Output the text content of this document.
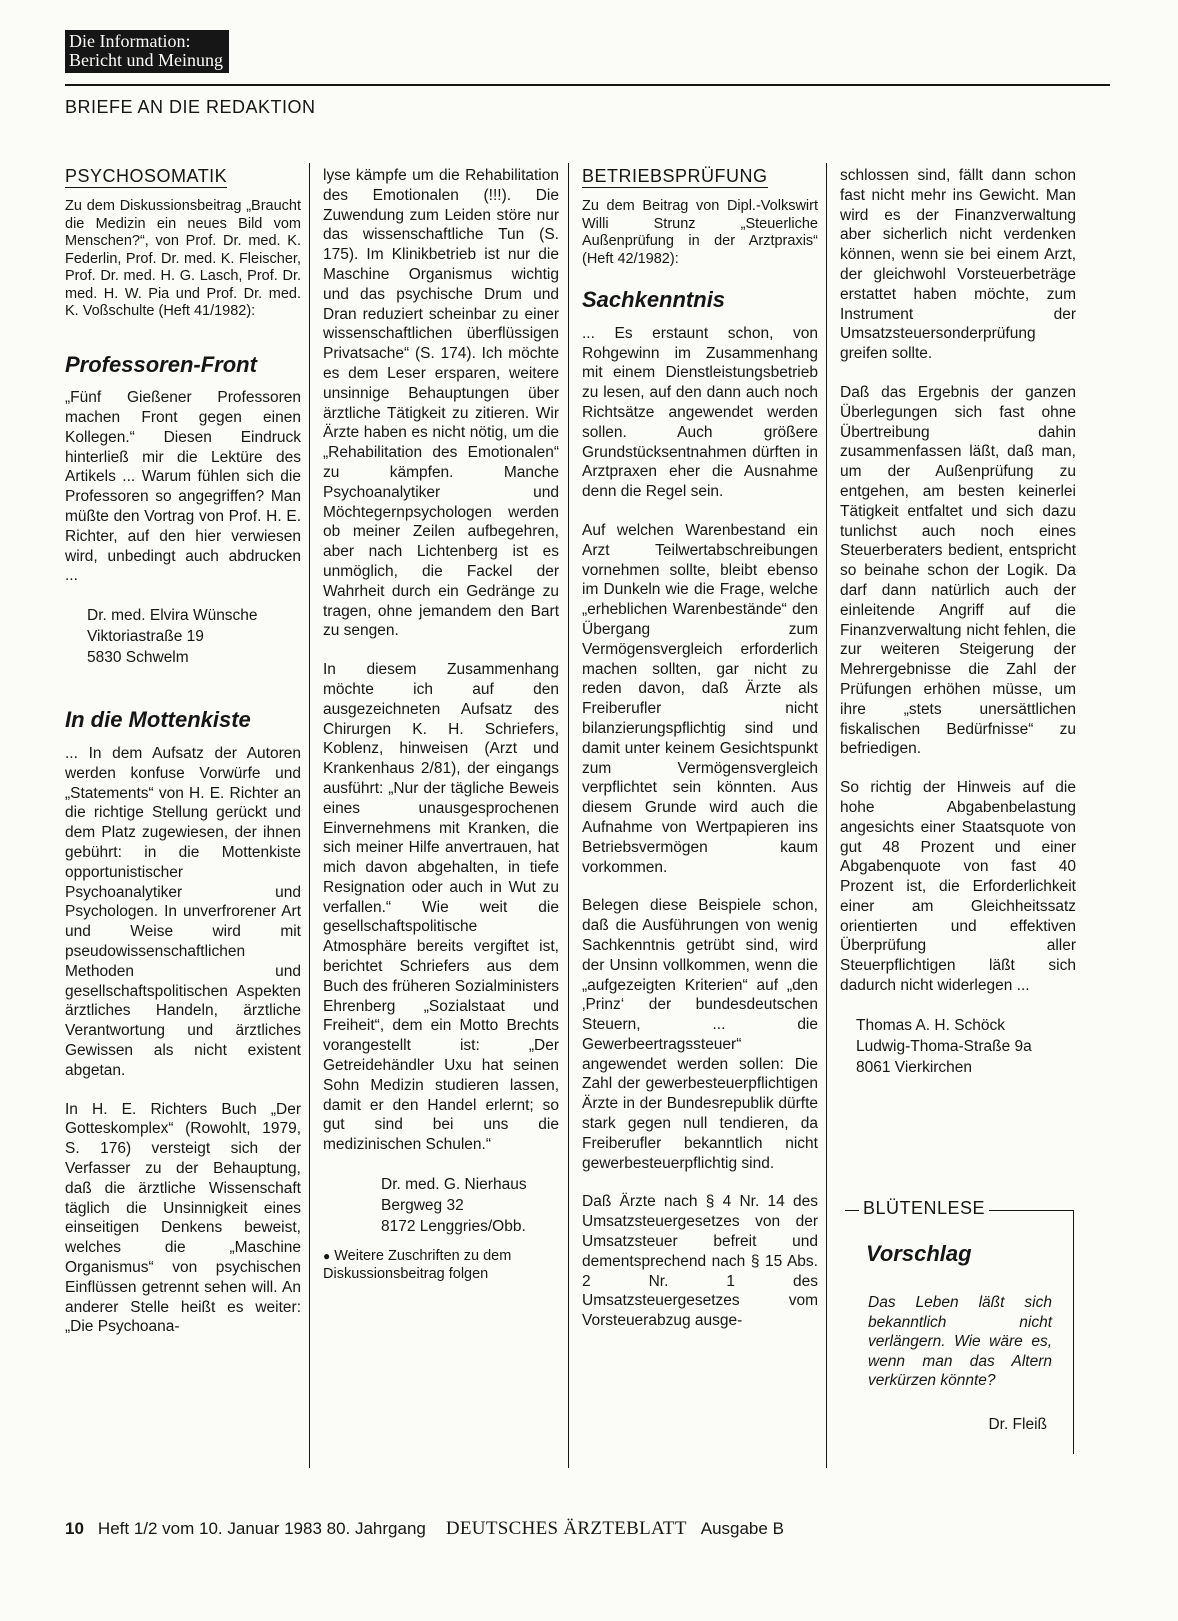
Die Information:
Bericht und Meinung
BRIEFE AN DIE REDAKTION
PSYCHOSOMATIK

Zu dem Diskussionsbeitrag „Braucht die Medizin ein neues Bild vom Menschen?“, von Prof. Dr. med. K. Federlin, Prof. Dr. med. K. Fleischer, Prof. Dr. med. H. G. Lasch, Prof. Dr. med. H. W. Pia und Prof. Dr. med. K. Voßschulte (Heft 41/1982):

Professoren-Front

„Fünf Gießener Professoren machen Front gegen einen Kollegen.“ Diesen Eindruck hinterließ mir die Lektüre des Artikels ... Warum fühlen sich die Professoren so angegriffen? Man müßte den Vortrag von Prof. H. E. Richter, auf den hier verwiesen wird, unbedingt auch abdrucken ...

Dr. med. Elvira Wünsche
Viktoriastraße 19
5830 Schwelm
In die Mottenkiste

... In dem Aufsatz der Autoren werden konfuse Vorwürfe und „Statements“ von H. E. Richter an die richtige Stellung gerückt und dem Platz zugewiesen, der ihnen gebührt: in die Mottenkiste opportunistischer Psychoanalytiker und Psychologen. In unverfrorener Art und Weise wird mit pseudowissenschaftlichen Methoden und gesellschaftspolitischen Aspekten ärztliches Handeln, ärztliche Verantwortung und ärztliches Gewissen als nicht existent abgetan.

In H. E. Richters Buch „Der Gotteskomplex“ (Rowohlt, 1979, S. 176) versteigt sich der Verfasser zu der Behauptung, daß die ärztliche Wissenschaft täglich die Unsinnigkeit eines einseitigen Denkens beweist, welches die „Maschine Organismus“ von psychischen Einflüssen getrennt sehen will. An anderer Stelle heißt es weiter: „Die Psychoana-

lyse kämpfe um die Rehabilitation des Emotionalen (!!!). Die Zuwendung zum Leiden störe nur das wissenschaftliche Tun (S. 175). Im Klinikbetrieb ist nur die Maschine Organismus wichtig und das psychische Drum und Dran reduziert scheinbar zu einer wissenschaftlichen überflüssigen Privatsache“ (S. 174). Ich möchte es dem Leser ersparen, weitere unsinnige Behauptungen über ärztliche Tätigkeit zu zitieren. Wir Ärzte haben es nicht nötig, um die „Rehabilitation des Emotionalen“ zu kämpfen. Manche Psychoanalytiker und Möchtegernpsychologen werden ob meiner Zeilen aufbegehren, aber nach Lichtenberg ist es unmöglich, die Fackel der Wahrheit durch ein Gedränge zu tragen, ohne jemandem den Bart zu sengen.

In diesem Zusammenhang möchte ich auf den ausgezeichneten Aufsatz des Chirurgen K. H. Schriefers, Koblenz, hinweisen (Arzt und Krankenhaus 2/81), der eingangs ausführt: „Nur der tägliche Beweis eines unausgesprochenen Einvernehmens mit Kranken, die sich meiner Hilfe anvertrauen, hat mich davon abgehalten, in tiefe Resignation oder auch in Wut zu verfallen.“ Wie weit die gesellschaftspolitische Atmosphäre bereits vergiftet ist, berichtet Schriefers aus dem Buch des früheren Sozialministers Ehrenberg „Sozialstaat und Freiheit“, dem ein Motto Brechts vorangestellt ist: „Der Getreidehändler Uxu hat seinen Sohn Medizin studieren lassen, damit er den Handel erlernt; so gut sind bei uns die medizinischen Schulen.“

Dr. med. G. Nierhaus
Bergweg 32
8172 Lenggries/Obb.

● Weitere Zuschriften zu dem Diskussionsbeitrag folgen

BETRIEBSPRÜFUNG

Zu dem Beitrag von Dipl.-Volkswirt Willi Strunz „Steuerliche Außenprüfung in der Arztpraxis“ (Heft 42/1982):

Sachkenntnis

... Es erstaunt schon, von Rohgewinn im Zusammenhang mit einem Dienstleistungsbetrieb zu lesen, auf den dann auch noch Richtsätze angewendet werden sollen. Auch größere Grundstücksentnahmen dürften in Arztpraxen eher die Ausnahme denn die Regel sein.

Auf welchen Warenbestand ein Arzt Teilwertabschreibungen vornehmen sollte, bleibt ebenso im Dunkeln wie die Frage, welche „erheblichen Warenbestände“ den Übergang zum Vermögensvergleich erforderlich machen sollten, gar nicht zu reden davon, daß Ärzte als Freiberufler nicht bilanzierungspflichtig sind und damit unter keinem Gesichtspunkt zum Vermögensvergleich verpflichtet sein könnten. Aus diesem Grunde wird auch die Aufnahme von Wertpapieren ins Betriebsvermögen kaum vorkommen.

Belegen diese Beispiele schon, daß die Ausführungen von wenig Sachkenntnis getrübt sind, wird der Unsinn vollkommen, wenn die „aufgezeigten Kriterien“ auf „den ‚Prinz‘ der bundesdeutschen Steuern, ... die Gewerbeertragssteuer“ angewendet werden sollen: Die Zahl der gewerbesteuerpflichtigen Ärzte in der Bundesrepublik dürfte stark gegen null tendieren, da Freiberufler bekanntlich nicht gewerbesteuerpflichtig sind.

Daß Ärzte nach § 4 Nr. 14 des Umsatzsteuergesetzes von der Umsatzsteuer befreit und dementsprechend nach § 15 Abs. 2 Nr. 1 des Umsatzsteuergesetzes vom Vorsteuerabzug ausge-

schlossen sind, fällt dann schon fast nicht mehr ins Gewicht. Man wird es der Finanzverwaltung aber sicherlich nicht verdenken können, wenn sie bei einem Arzt, der gleichwohl Vorsteuerbeträge erstattet haben möchte, zum Instrument der Umsatzsteuersonderprüfung greifen sollte.

Daß das Ergebnis der ganzen Überlegungen sich fast ohne Übertreibung dahin zusammenfassen läßt, daß man, um der Außenprüfung zu entgehen, am besten keinerlei Tätigkeit entfaltet und sich dazu tunlichst auch noch eines Steuerberaters bedient, entspricht so beinahe schon der Logik. Da darf dann natürlich auch der einleitende Angriff auf die Finanzverwaltung nicht fehlen, die zur weiteren Steigerung der Mehrergebnisse die Zahl der Prüfungen erhöhen müsse, um ihre „stets unersättlichen fiskalischen Bedürfnisse“ zu befriedigen.

So richtig der Hinweis auf die hohe Abgabenbelastung angesichts einer Staatsquote von gut 48 Prozent und einer Abgabenquote von fast 40 Prozent ist, die Erforderlichkeit einer am Gleichheitssatz orientierten und effektiven Überprüfung aller Steuerpflichtigen läßt sich dadurch nicht widerlegen ...

Thomas A. H. Schöck
Ludwig-Thoma-Straße 9a
8061 Vierkirchen
BLÜTENLESE
Vorschlag
Das Leben läßt sich bekanntlich nicht verlängern. Wie wäre es, wenn man das Altern verkürzen könnte?
Dr. Fleiß
10 Heft 1/2 vom 10. Januar 1983 80. Jahrgang DEUTSCHES ÄRZTEBLATT Ausgabe B
